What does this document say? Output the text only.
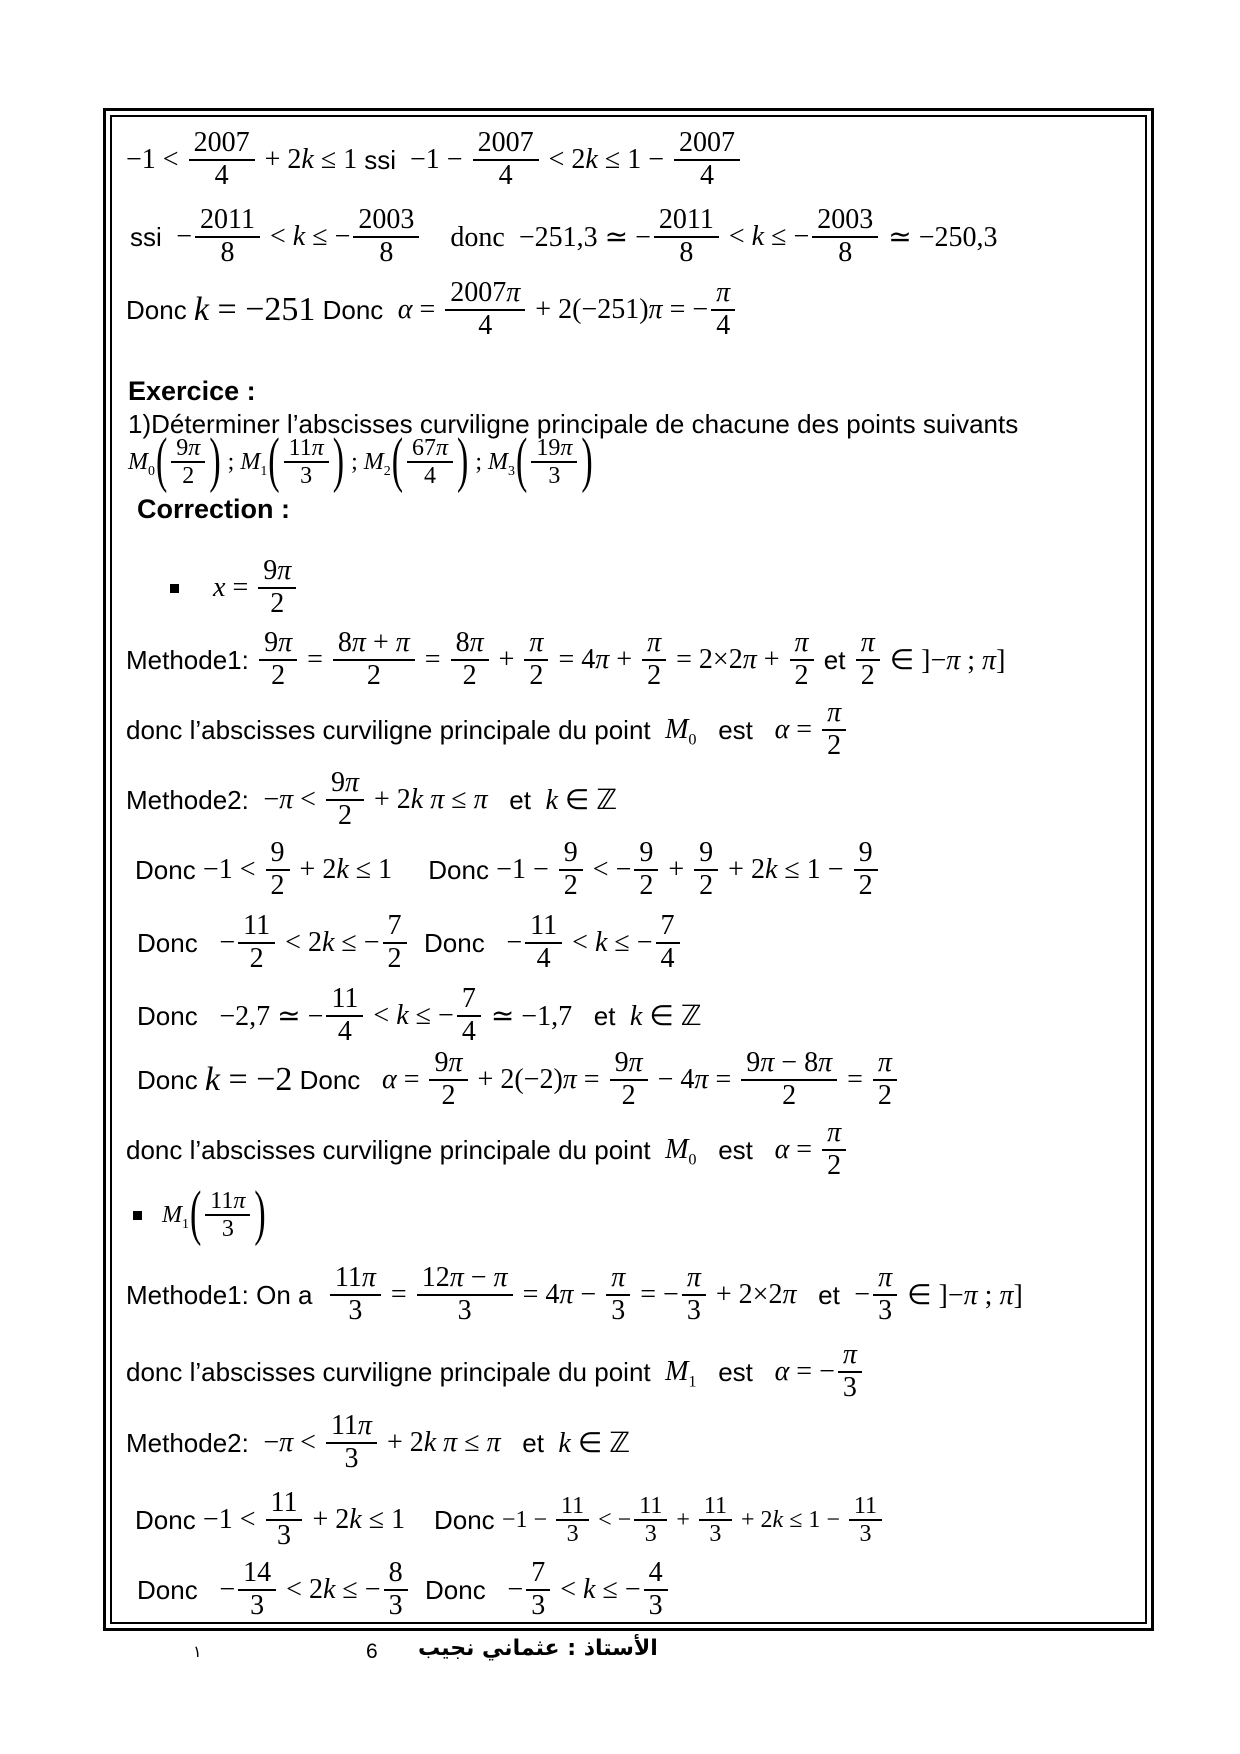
$-1 < \frac{2007}{4} + 2k \le 1$ ssi $-1 - \frac{2007}{4} < 2k \le 1 - \frac{2007}{4}$
ssi − $\frac{2011}{8} < k$ ≤ − $\frac{2003}{8}$	donc −251,3 ≃ − $\frac{2011}{8} < k$ ≤ − $\frac{2003}{8}$ ≃ −250,3
Donc k = −251 Donc $\alpha = \frac{2007\pi}{4} + 2(-251)\pi$ = − $\frac{\pi}{4}$
Exercice :
1)Déterminer l’abscisses curviligne principale de chacune des points suivants
$M_0$ ( $\frac{9\pi}{2}$ ) ; $M_1$ ( $\frac{11\pi}{3}$ ) ; $M_2$ ( $\frac{67\pi}{4}$ ) ; $M_3$ ( $\frac{19\pi}{3}$ )
Correction :
$x = \frac{9\pi}{2}$
Methode1: $\frac{9\pi}{2} = \frac{8\pi + \pi}{2} = \frac{8\pi}{2} + \frac{\pi}{2} = 4\pi + \frac{\pi}{2} = 2\times 2\pi + \frac{\pi}{2}$ et $\frac{\pi}{2}$ ∈ ]−π ; π]
donc l’abscisses curviligne principale du point $M_0$ est $\alpha = \frac{\pi}{2}$
Methode2: $-\pi < \frac{9\pi}{2} + 2k$ π ≤ π et k ∈ ℤ
Donc $-1 < \frac{9}{2} + 2k \le 1$ Donc $-1 - \frac{9}{2}$ < − $\frac{9}{2} + \frac{9}{2} + 2k \le 1 - \frac{9}{2}$
Donc − $\frac{11}{2} < 2k$ ≤ − $\frac{7}{2}$ Donc − $\frac{11}{4} < k$ ≤ − $\frac{7}{4}$
Donc −2,7 ≃ − $\frac{11}{4} < k$ ≤ − $\frac{7}{4}$ ≃ −1,7 et k ∈ ℤ
Donc k = −2 Donc $\alpha = \frac{9\pi}{2} + 2(-2)\pi = \frac{9\pi}{2} - 4\pi = \frac{9\pi - 8\pi}{2} = \frac{\pi}{2}$
donc l’abscisses curviligne principale du point $M_0$ est $\alpha = \frac{\pi}{2}$
$M_1$ ( $\frac{11\pi}{3}$ )
Methode1: On a $\frac{11\pi}{3} = \frac{12\pi - \pi}{3} = 4\pi - \frac{\pi}{3}$ = − $\frac{\pi}{3} + 2\times 2\pi$ et − $\frac{\pi}{3}$ ∈ ]−π ; π]
donc l’abscisses curviligne principale du point $M_1$ est α = − $\frac{\pi}{3}$
Methode2: $-\pi < \frac{11\pi}{3} + 2k$ π ≤ π et k ∈ ℤ
Donc $-1 < \frac{11}{3} + 2k \le 1$ Donc $-1 - \frac{11}{3}$ < − $\frac{11}{3} + \frac{11}{3} + 2k \le 1 - \frac{11}{3}$
Donc − $\frac{14}{3} < 2k$ ≤ − $\frac{8}{3}$ Donc − $\frac{7}{3} < k$ ≤ − $\frac{4}{3}$
١	6 الأستاذ : عثماني نجيب
